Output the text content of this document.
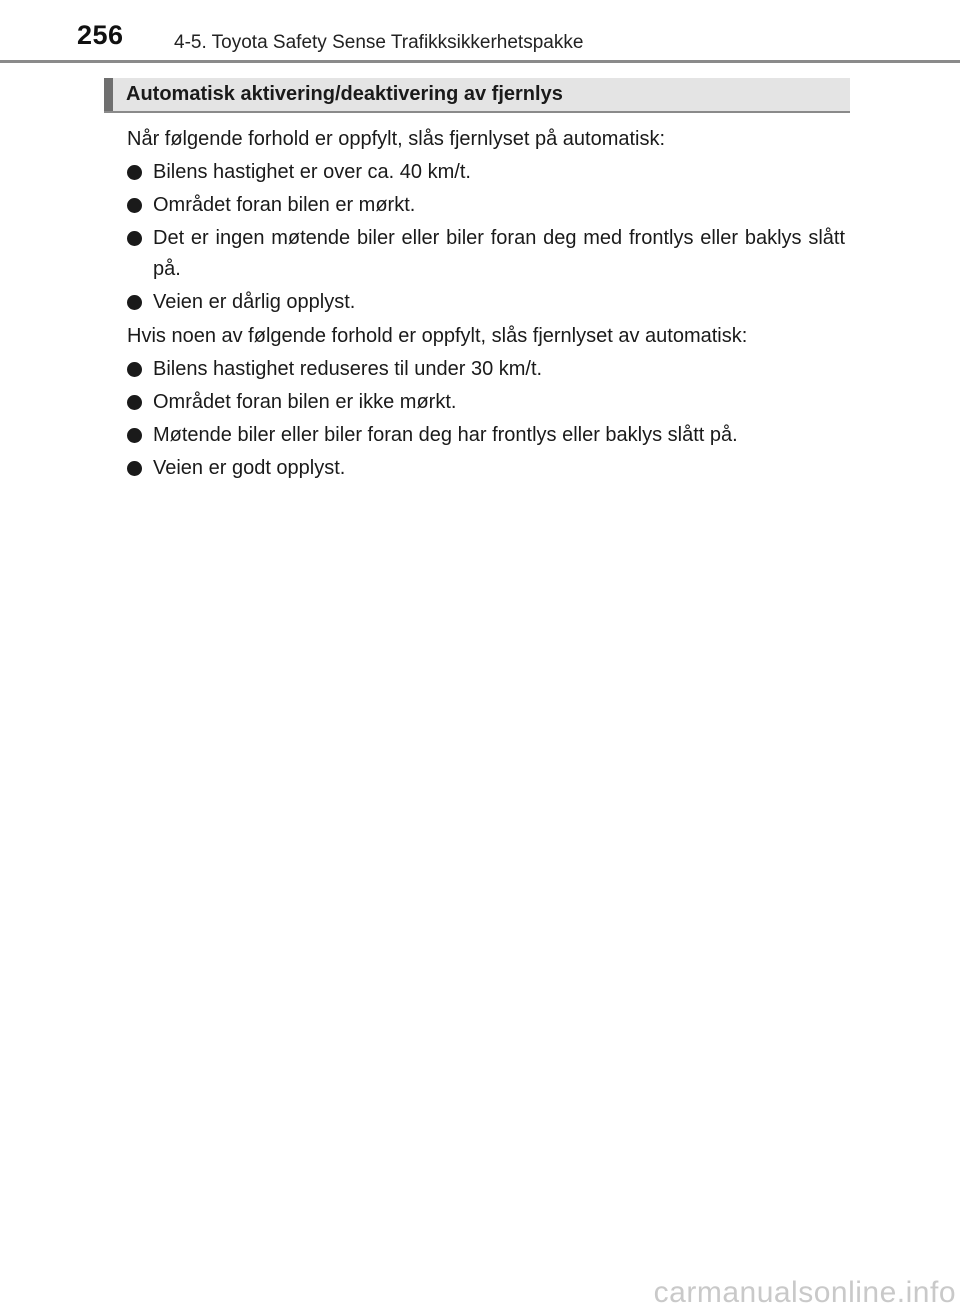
256	4-5. Toyota Safety Sense Trafikksikkerhetspakke
Automatisk aktivering/deaktivering av fjernlys

Når følgende forhold er oppfylt, slås fjernlyset på automatisk:

Bilens hastighet er over ca. 40 km/t.
Området foran bilen er mørkt.
Det er ingen møtende biler eller biler foran deg med frontlys eller baklys slått på.
Veien er dårlig opplyst.

Hvis noen av følgende forhold er oppfylt, slås fjernlyset av automatisk:

Bilens hastighet reduseres til under 30 km/t.
Området foran bilen er ikke mørkt.
Møtende biler eller biler foran deg har frontlys eller baklys slått på.
Veien er godt opplyst.
carmanualsonline.info
